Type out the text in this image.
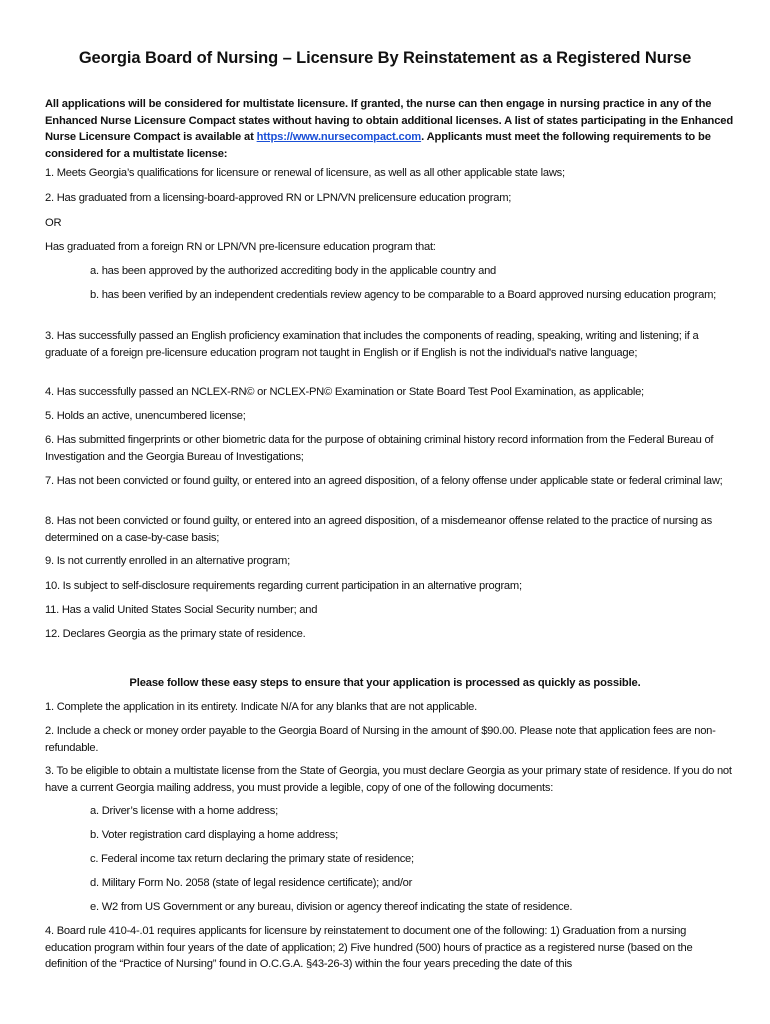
Georgia Board of Nursing – Licensure By Reinstatement as a Registered Nurse
All applications will be considered for multistate licensure. If granted, the nurse can then engage in nursing practice in any of the Enhanced Nurse Licensure Compact states without having to obtain additional licenses. A list of states participating in the Enhanced Nurse Licensure Compact is available at https://www.nursecompact.com. Applicants must meet the following requirements to be considered for a multistate license:
1. Meets Georgia’s qualifications for licensure or renewal of licensure, as well as all other applicable state laws;
2. Has graduated from a licensing-board-approved RN or LPN/VN prelicensure education program;
OR
Has graduated from a foreign RN or LPN/VN pre-licensure education program that:
a. has been approved by the authorized accrediting body in the applicable country and
b. has been verified by an independent credentials review agency to be comparable to a Board approved nursing education program;
3. Has successfully passed an English proficiency examination that includes the components of reading, speaking, writing and listening; if a graduate of a foreign pre-licensure education program not taught in English or if English is not the individual's native language;
4. Has successfully passed an NCLEX-RN© or NCLEX-PN© Examination or State Board Test Pool Examination, as applicable;
5. Holds an active, unencumbered license;
6. Has submitted fingerprints or other biometric data for the purpose of obtaining criminal history record information from the Federal Bureau of Investigation and the Georgia Bureau of Investigations;
7. Has not been convicted or found guilty, or entered into an agreed disposition, of a felony offense under applicable state or federal criminal law;
8. Has not been convicted or found guilty, or entered into an agreed disposition, of a misdemeanor offense related to the practice of nursing as determined on a case-by-case basis;
9. Is not currently enrolled in an alternative program;
10. Is subject to self-disclosure requirements regarding current participation in an alternative program;
11. Has a valid United States Social Security number; and
12. Declares Georgia as the primary state of residence.
Please follow these easy steps to ensure that your application is processed as quickly as possible.
1. Complete the application in its entirety. Indicate N/A for any blanks that are not applicable.
2. Include a check or money order payable to the Georgia Board of Nursing in the amount of $90.00. Please note that application fees are non-refundable.
3. To be eligible to obtain a multistate license from the State of Georgia, you must declare Georgia as your primary state of residence. If you do not have a current Georgia mailing address, you must provide a legible, copy of one of the following documents:
a. Driver’s license with a home address;
b. Voter registration card displaying a home address;
c. Federal income tax return declaring the primary state of residence;
d. Military Form No. 2058 (state of legal residence certificate); and/or
e. W2 from US Government or any bureau, division or agency thereof indicating the state of residence.
4. Board rule 410-4-.01 requires applicants for licensure by reinstatement to document one of the following: 1) Graduation from a nursing education program within four years of the date of application; 2) Five hundred (500) hours of practice as a registered nurse (based on the definition of the “Practice of Nursing” found in O.C.G.A. §43-26-3) within the four years preceding the date of this
